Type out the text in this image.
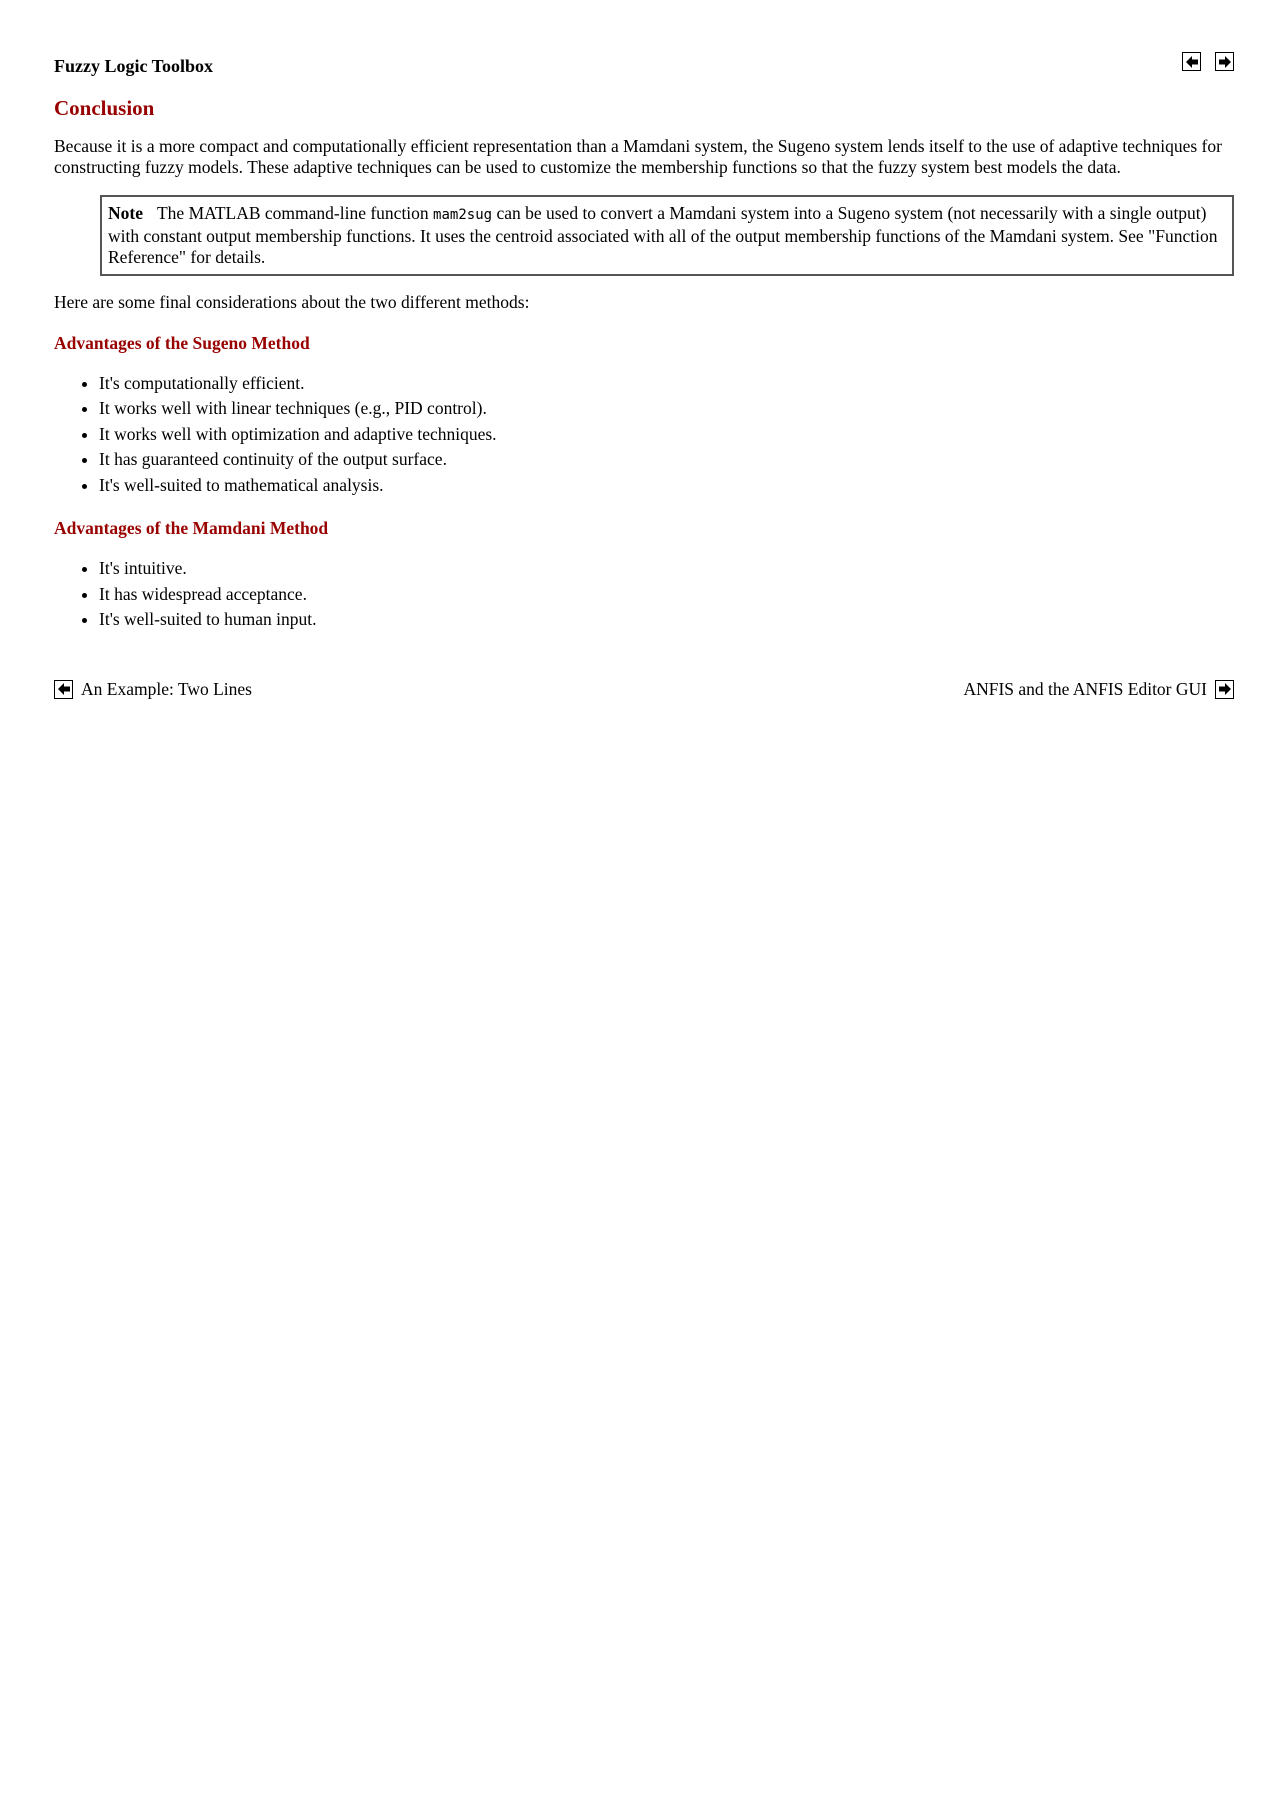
Fuzzy Logic Toolbox
Conclusion

Because it is a more compact and computationally efficient representation than a Mamdani system, the Sugeno system lends itself to the use of adaptive techniques for constructing fuzzy models. These adaptive techniques can be used to customize the membership functions so that the fuzzy system best models the data.

Note The MATLAB command-line function mam2sug can be used to convert a Mamdani system into a Sugeno system (not necessarily with a single output) with constant output membership functions. It uses the centroid associated with all of the output membership functions of the Mamdani system. See "Function Reference" for details.

Here are some final considerations about the two different methods:

Advantages of the Sugeno Method
• It's computationally efficient.
• It works well with linear techniques (e.g., PID control).
• It works well with optimization and adaptive techniques.
• It has guaranteed continuity of the output surface.
• It's well-suited to mathematical analysis.
Advantages of the Mamdani Method
• It's intuitive.
• It has widespread acceptance.
• It's well-suited to human input.
An Example: Two Lines	ANFIS and the ANFIS Editor GUI
